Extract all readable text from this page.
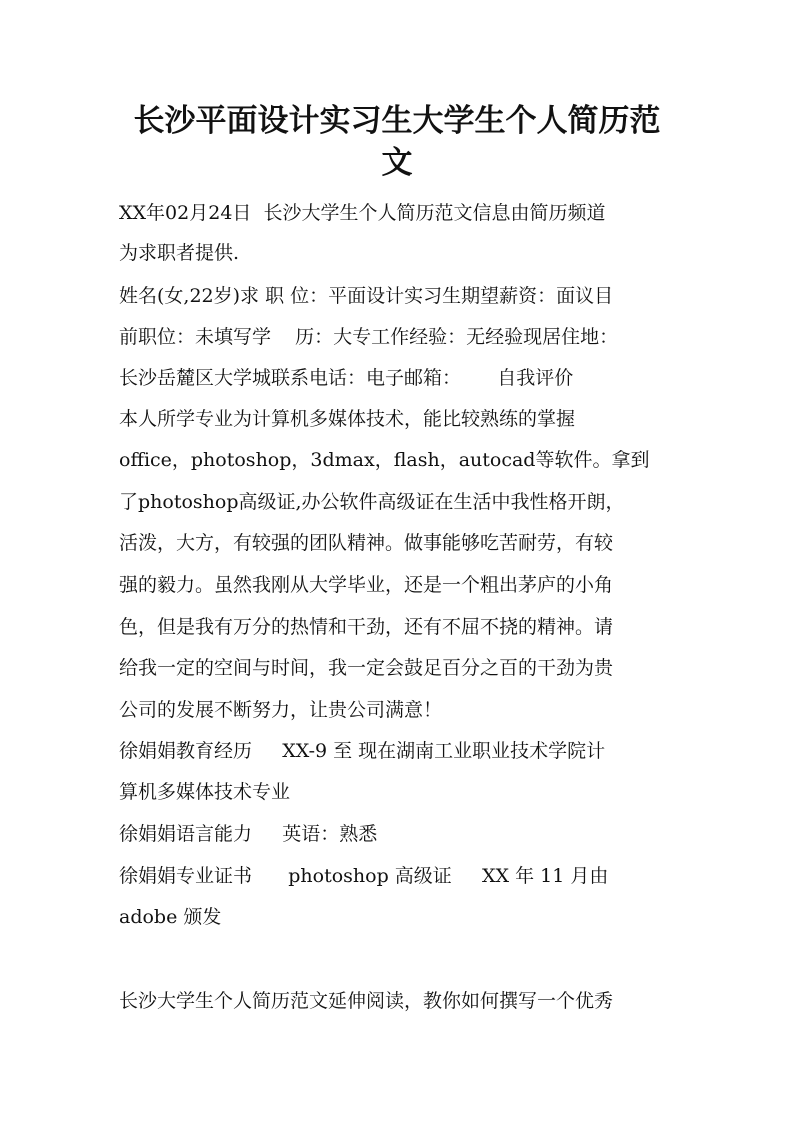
长沙平面设计实习生大学生个人简历范
文

XX年02月24日  长沙大学生个人简历范文信息由简历频道

为求职者提供.

姓名(女,22岁)求 职 位：平面设计实习生期望薪资：面议目

前职位：未填写学    历：大专工作经验：无经验现居住地：

长沙岳麓区大学城联系电话：电子邮箱：      自我评价

本人所学专业为计算机多媒体技术，能比较熟练的掌握

office，photoshop，3dmax，flash，autocad等软件。拿到

了photoshop高级证,办公软件高级证在生活中我性格开朗，

活泼，大方，有较强的团队精神。做事能够吃苦耐劳，有较

强的毅力。虽然我刚从大学毕业，还是一个粗出茅庐的小角

色，但是我有万分的热情和干劲，还有不屈不挠的精神。请

给我一定的空间与时间，我一定会鼓足百分之百的干劲为贵

公司的发展不断努力，让贵公司满意！

徐娟娟教育经历     XX-9 至 现在湖南工业职业技术学院计

算机多媒体技术专业

徐娟娟语言能力     英语：熟悉

徐娟娟专业证书      photoshop 高级证     XX 年 11 月由

adobe 颁发

长沙大学生个人简历范文延伸阅读，教你如何撰写一个优秀
